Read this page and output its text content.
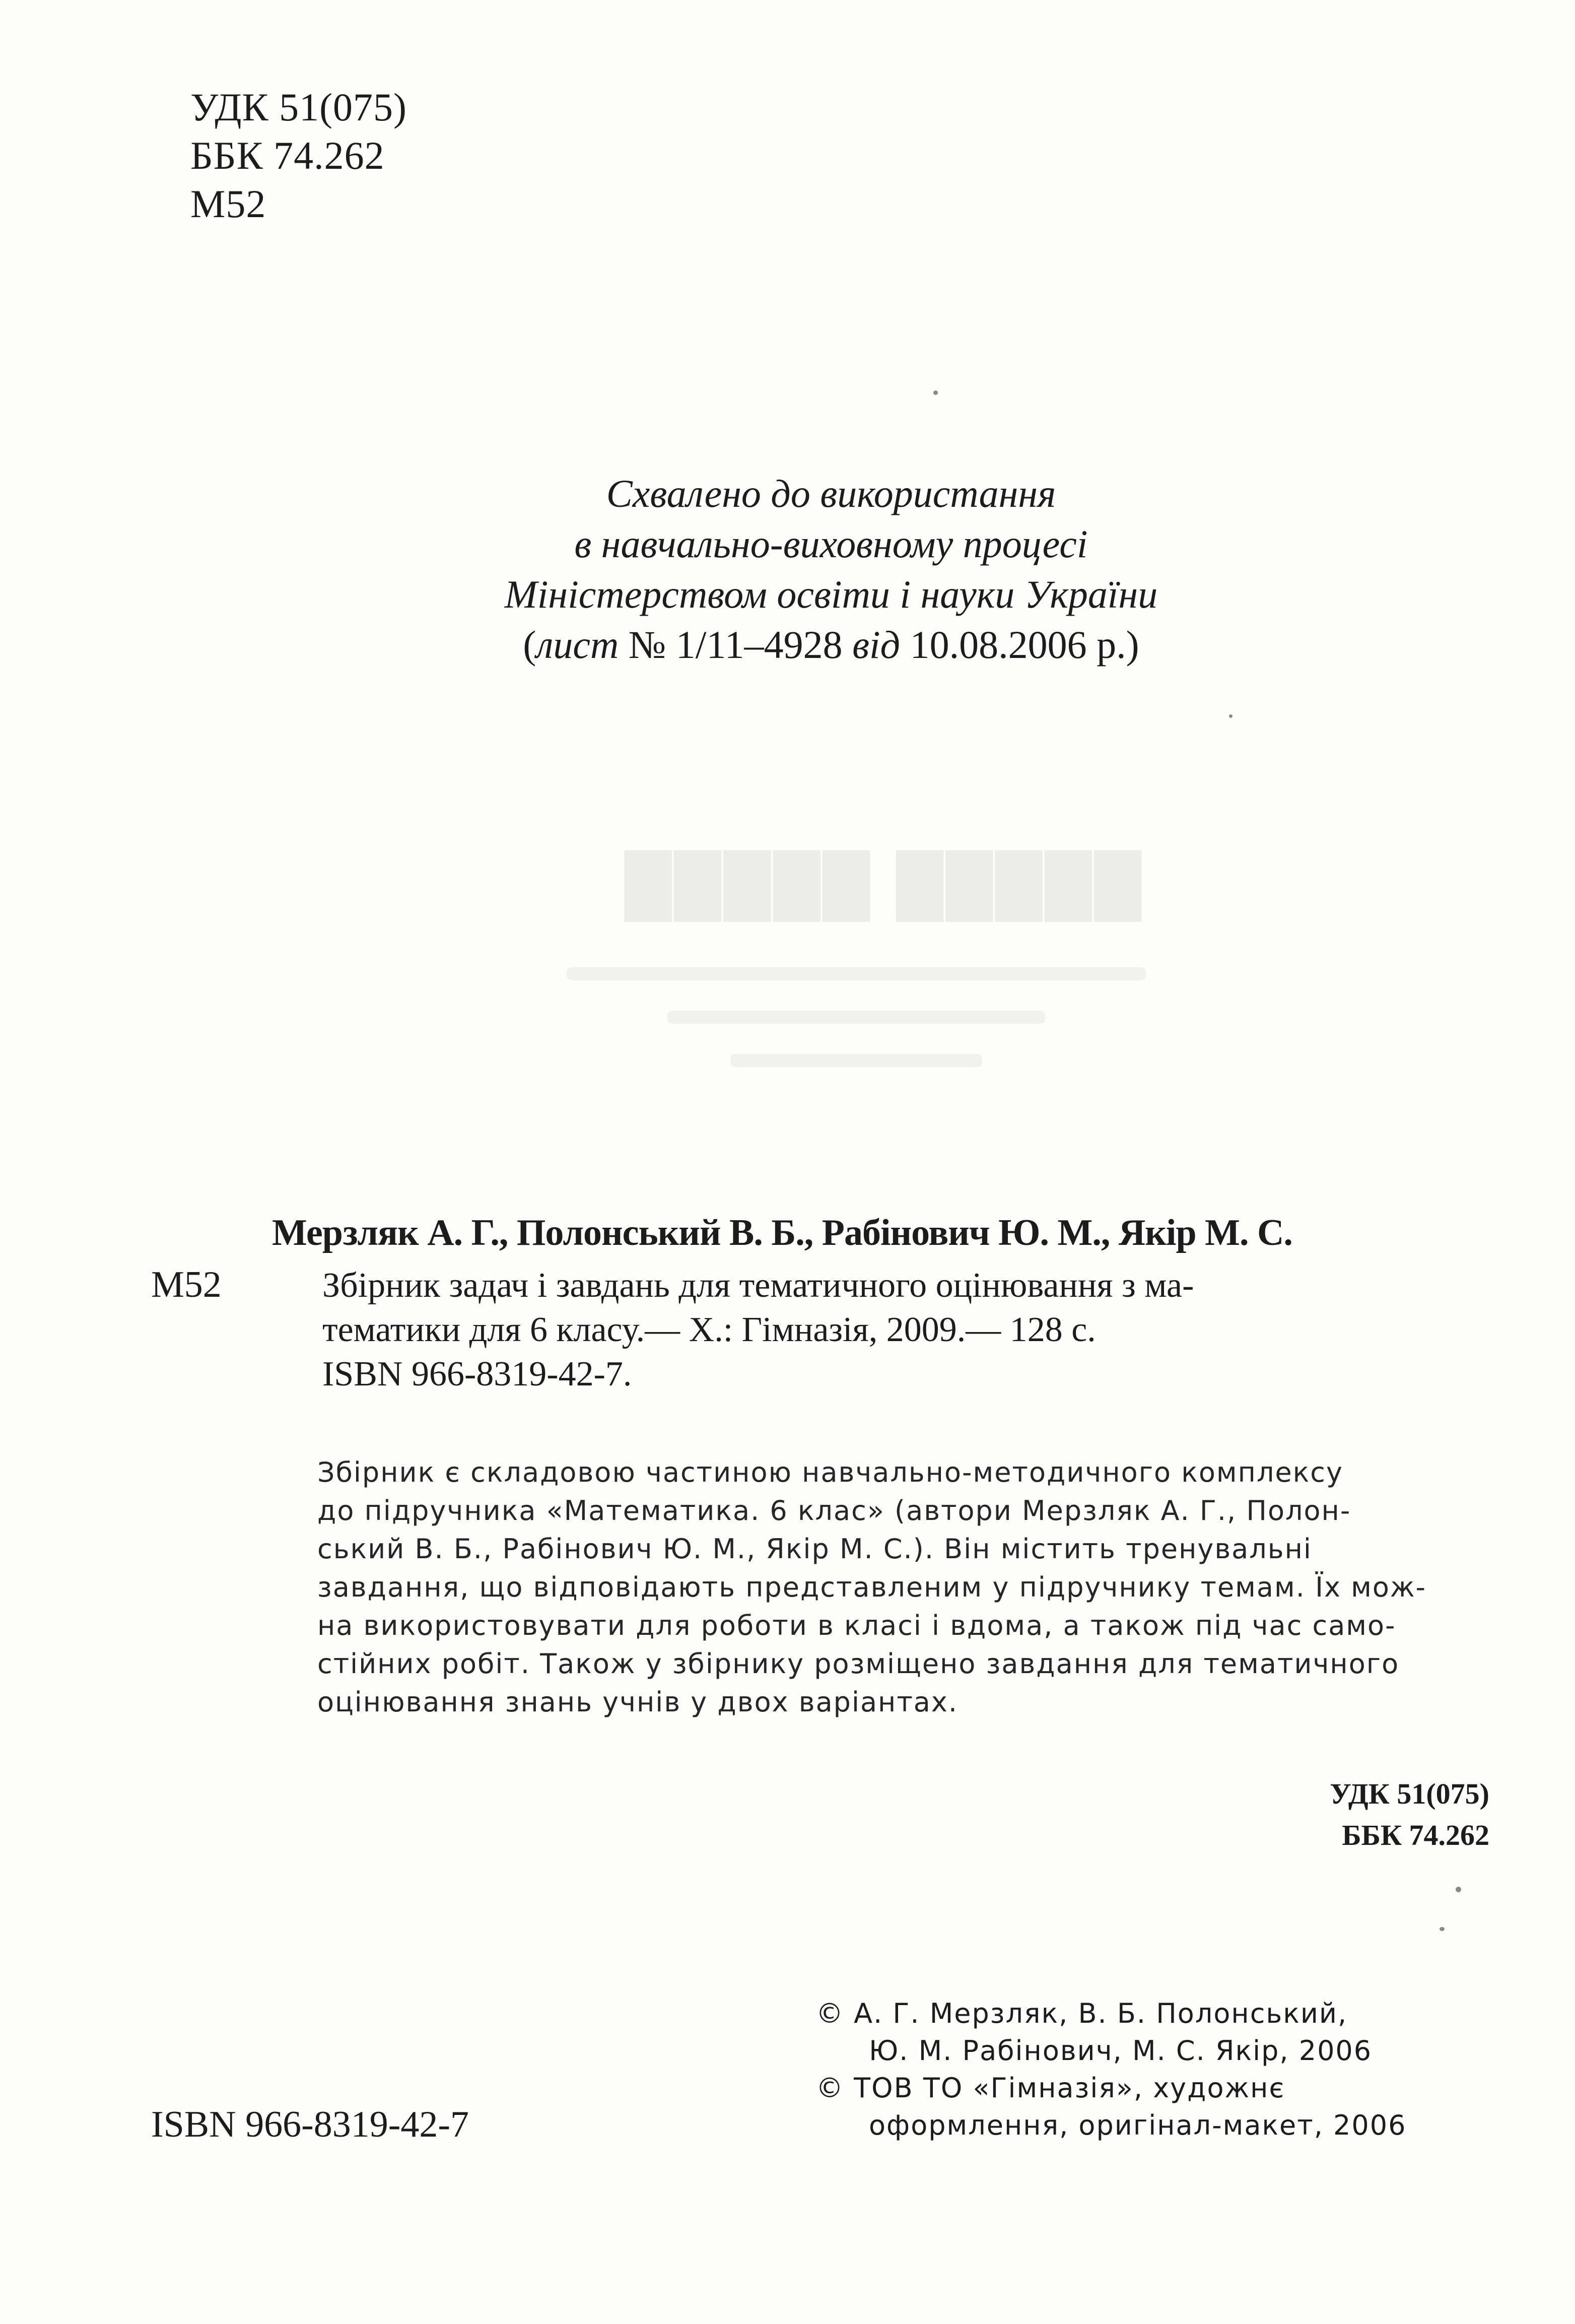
█████ █████
УДК 51(075)
ББК 74.262
М52
Схвалено до використання
в навчально-виховному процесі
Міністерством освіти і науки України
(лист № 1/11–4928 від 10.08.2006 р.)
Мерзляк А. Г., Полонський В. Б., Рабінович Ю. М., Якір М. С.
М52	Збірник задач і завдань для тематичного оцінювання з ма-
тематики для 6 класу.— Х.: Гімназія, 2009.— 128 с.
ISBN 966-8319-42-7.
Збірник є складовою частиною навчально-методичного комплексу
до підручника «Математика. 6 клас» (автори Мерзляк А. Г., Полон-
ський В. Б., Рабінович Ю. М., Якір М. С.). Він містить тренувальні
завдання, що відповідають представленим у підручнику темам. Їх мож-
на використовувати для роботи в класі і вдома, а також під час само-
стійних робіт. Також у збірнику розміщено завдання для тематичного
оцінювання знань учнів у двох варіантах.
УДК 51(075)
ББК 74.262
© А. Г. Мерзляк, В. Б. Полонський,
Ю. М. Рабінович, М. С. Якір, 2006
© ТОВ ТО «Гімназія», художнє
оформлення, оригінал-макет, 2006
ISBN 966-8319-42-7
